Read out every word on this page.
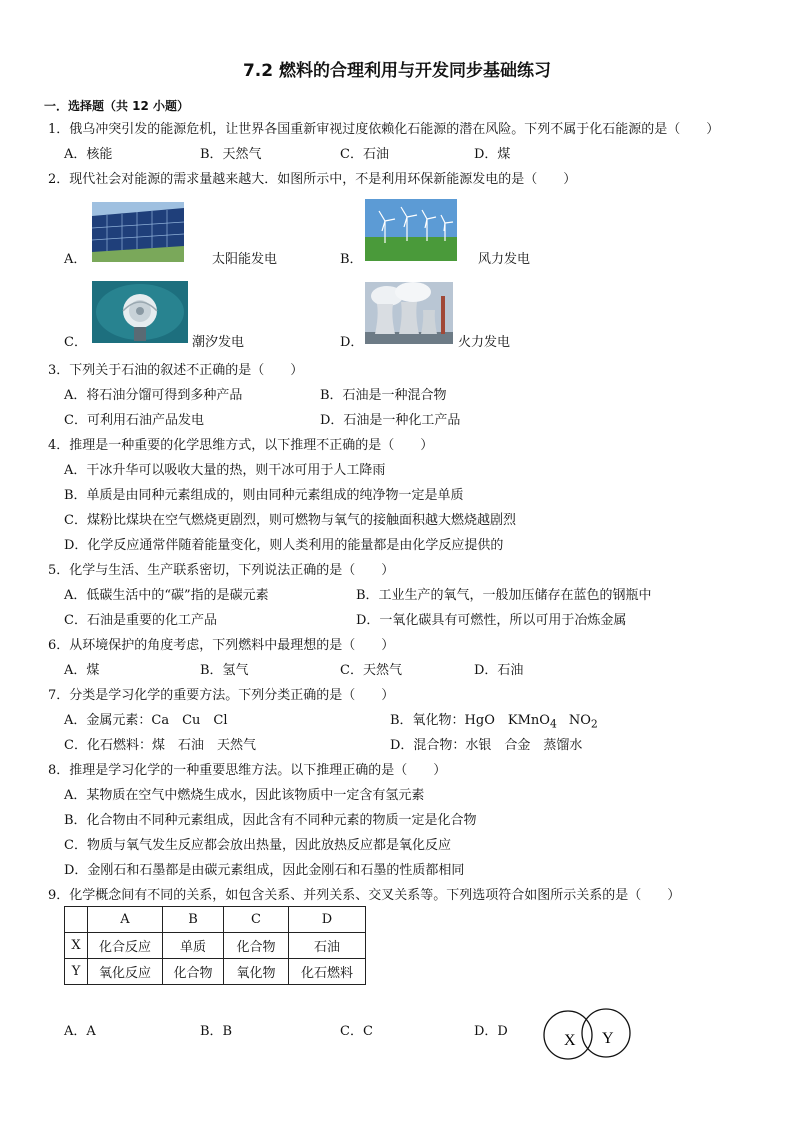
7.2 燃料的合理利用与开发同步基础练习
一．选择题（共 12 小题）
1．俄乌冲突引发的能源危机，让世界各国重新审视过度依赖化石能源的潜在风险。下列不属于化石能源的是（　　）
A．核能	B．天然气	C．石油	D．煤
2．现代社会对能源的需求量越来越大．如图所示中，不是利用环保新能源发电的是（　　）
A．	太阳能发电	B．	风力发电
C．	潮汐发电	D．	火力发电
3．下列关于石油的叙述不正确的是（　　）
A．将石油分馏可得到多种产品	B．石油是一种混合物
C．可利用石油产品发电	D．石油是一种化工产品
4．推理是一种重要的化学思维方式，以下推理不正确的是（　　）
A．干冰升华可以吸收大量的热，则干冰可用于人工降雨
B．单质是由同种元素组成的，则由同种元素组成的纯净物一定是单质
C．煤粉比煤块在空气燃烧更剧烈，则可燃物与氧气的接触面积越大燃烧越剧烈
D．化学反应通常伴随着能量变化，则人类利用的能量都是由化学反应提供的
5．化学与生活、生产联系密切，下列说法正确的是（　　）
A．低碳生活中的“碳”指的是碳元素	B．工业生产的氧气，一般加压储存在蓝色的钢瓶中
C．石油是重要的化工产品	D．一氧化碳具有可燃性，所以可用于冶炼金属
6．从环境保护的角度考虑，下列燃料中最理想的是（　　）
A．煤	B．氢气	C．天然气	D．石油
7．分类是学习化学的重要方法。下列分类正确的是（　　）
A．金属元素：Ca　Cu　Cl	B．氧化物：HgO　KMnO$_4$ $NO_2$
C．化石燃料：煤　石油　天然气	D．混合物：水银　合金　蒸馏水
8．推理是学习化学的一种重要思维方法。以下推理正确的是（　　）
A．某物质在空气中燃烧生成水，因此该物质中一定含有氢元素
B．化合物由不同种元素组成，因此含有不同种元素的物质一定是化合物
C．物质与氧气发生反应都会放出热量，因此放热反应都是氧化反应
D．金刚石和石墨都是由碳元素组成，因此金刚石和石墨的性质都相同
9．化学概念间有不同的关系，如包含关系、并列关系、交叉关系等。下列选项符合如图所示关系的是（　　）
	A	B	C	D
X	化合反应	单质	化合物	石油
Y	氧化反应	化合物	氧化物	化石燃料
A．A	B．B	C．C	D．D
X Y
